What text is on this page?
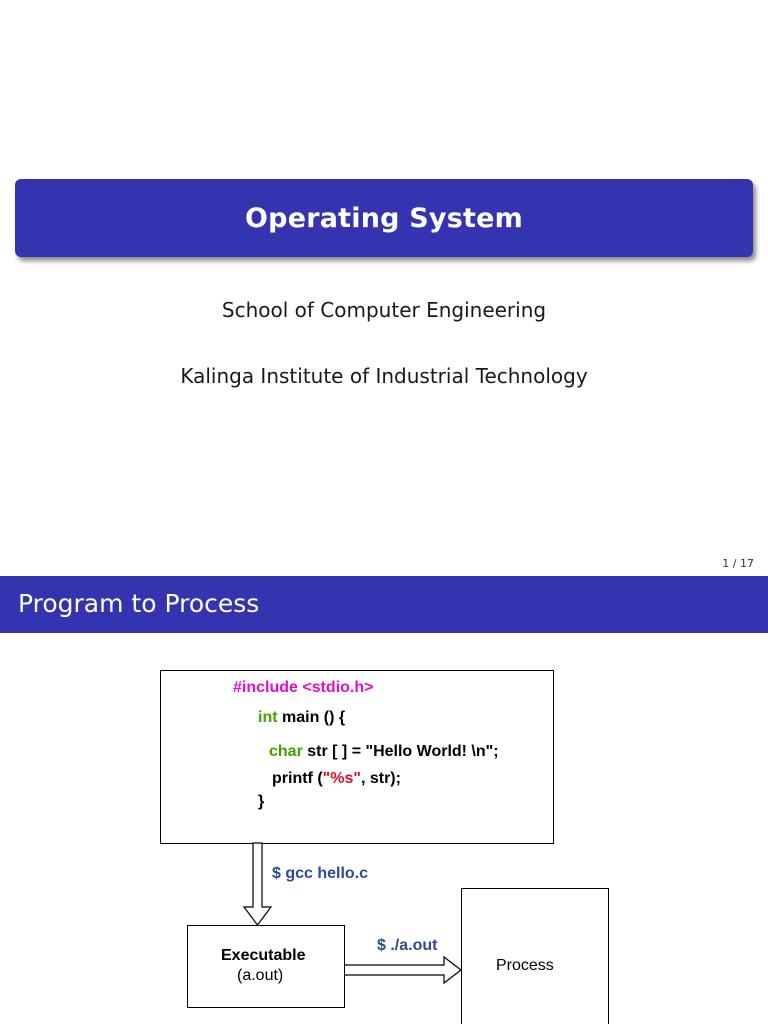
Operating System
School of Computer Engineering
Kalinga Institute of Industrial Technology
1 / 17
Program to Process
#include <stdio.h>
int main () {
char str [ ] = "Hello World! \n";
printf ("%s", str);
}
$ gcc hello.c
$ ./a.out
Executable
(a.out)
Process
